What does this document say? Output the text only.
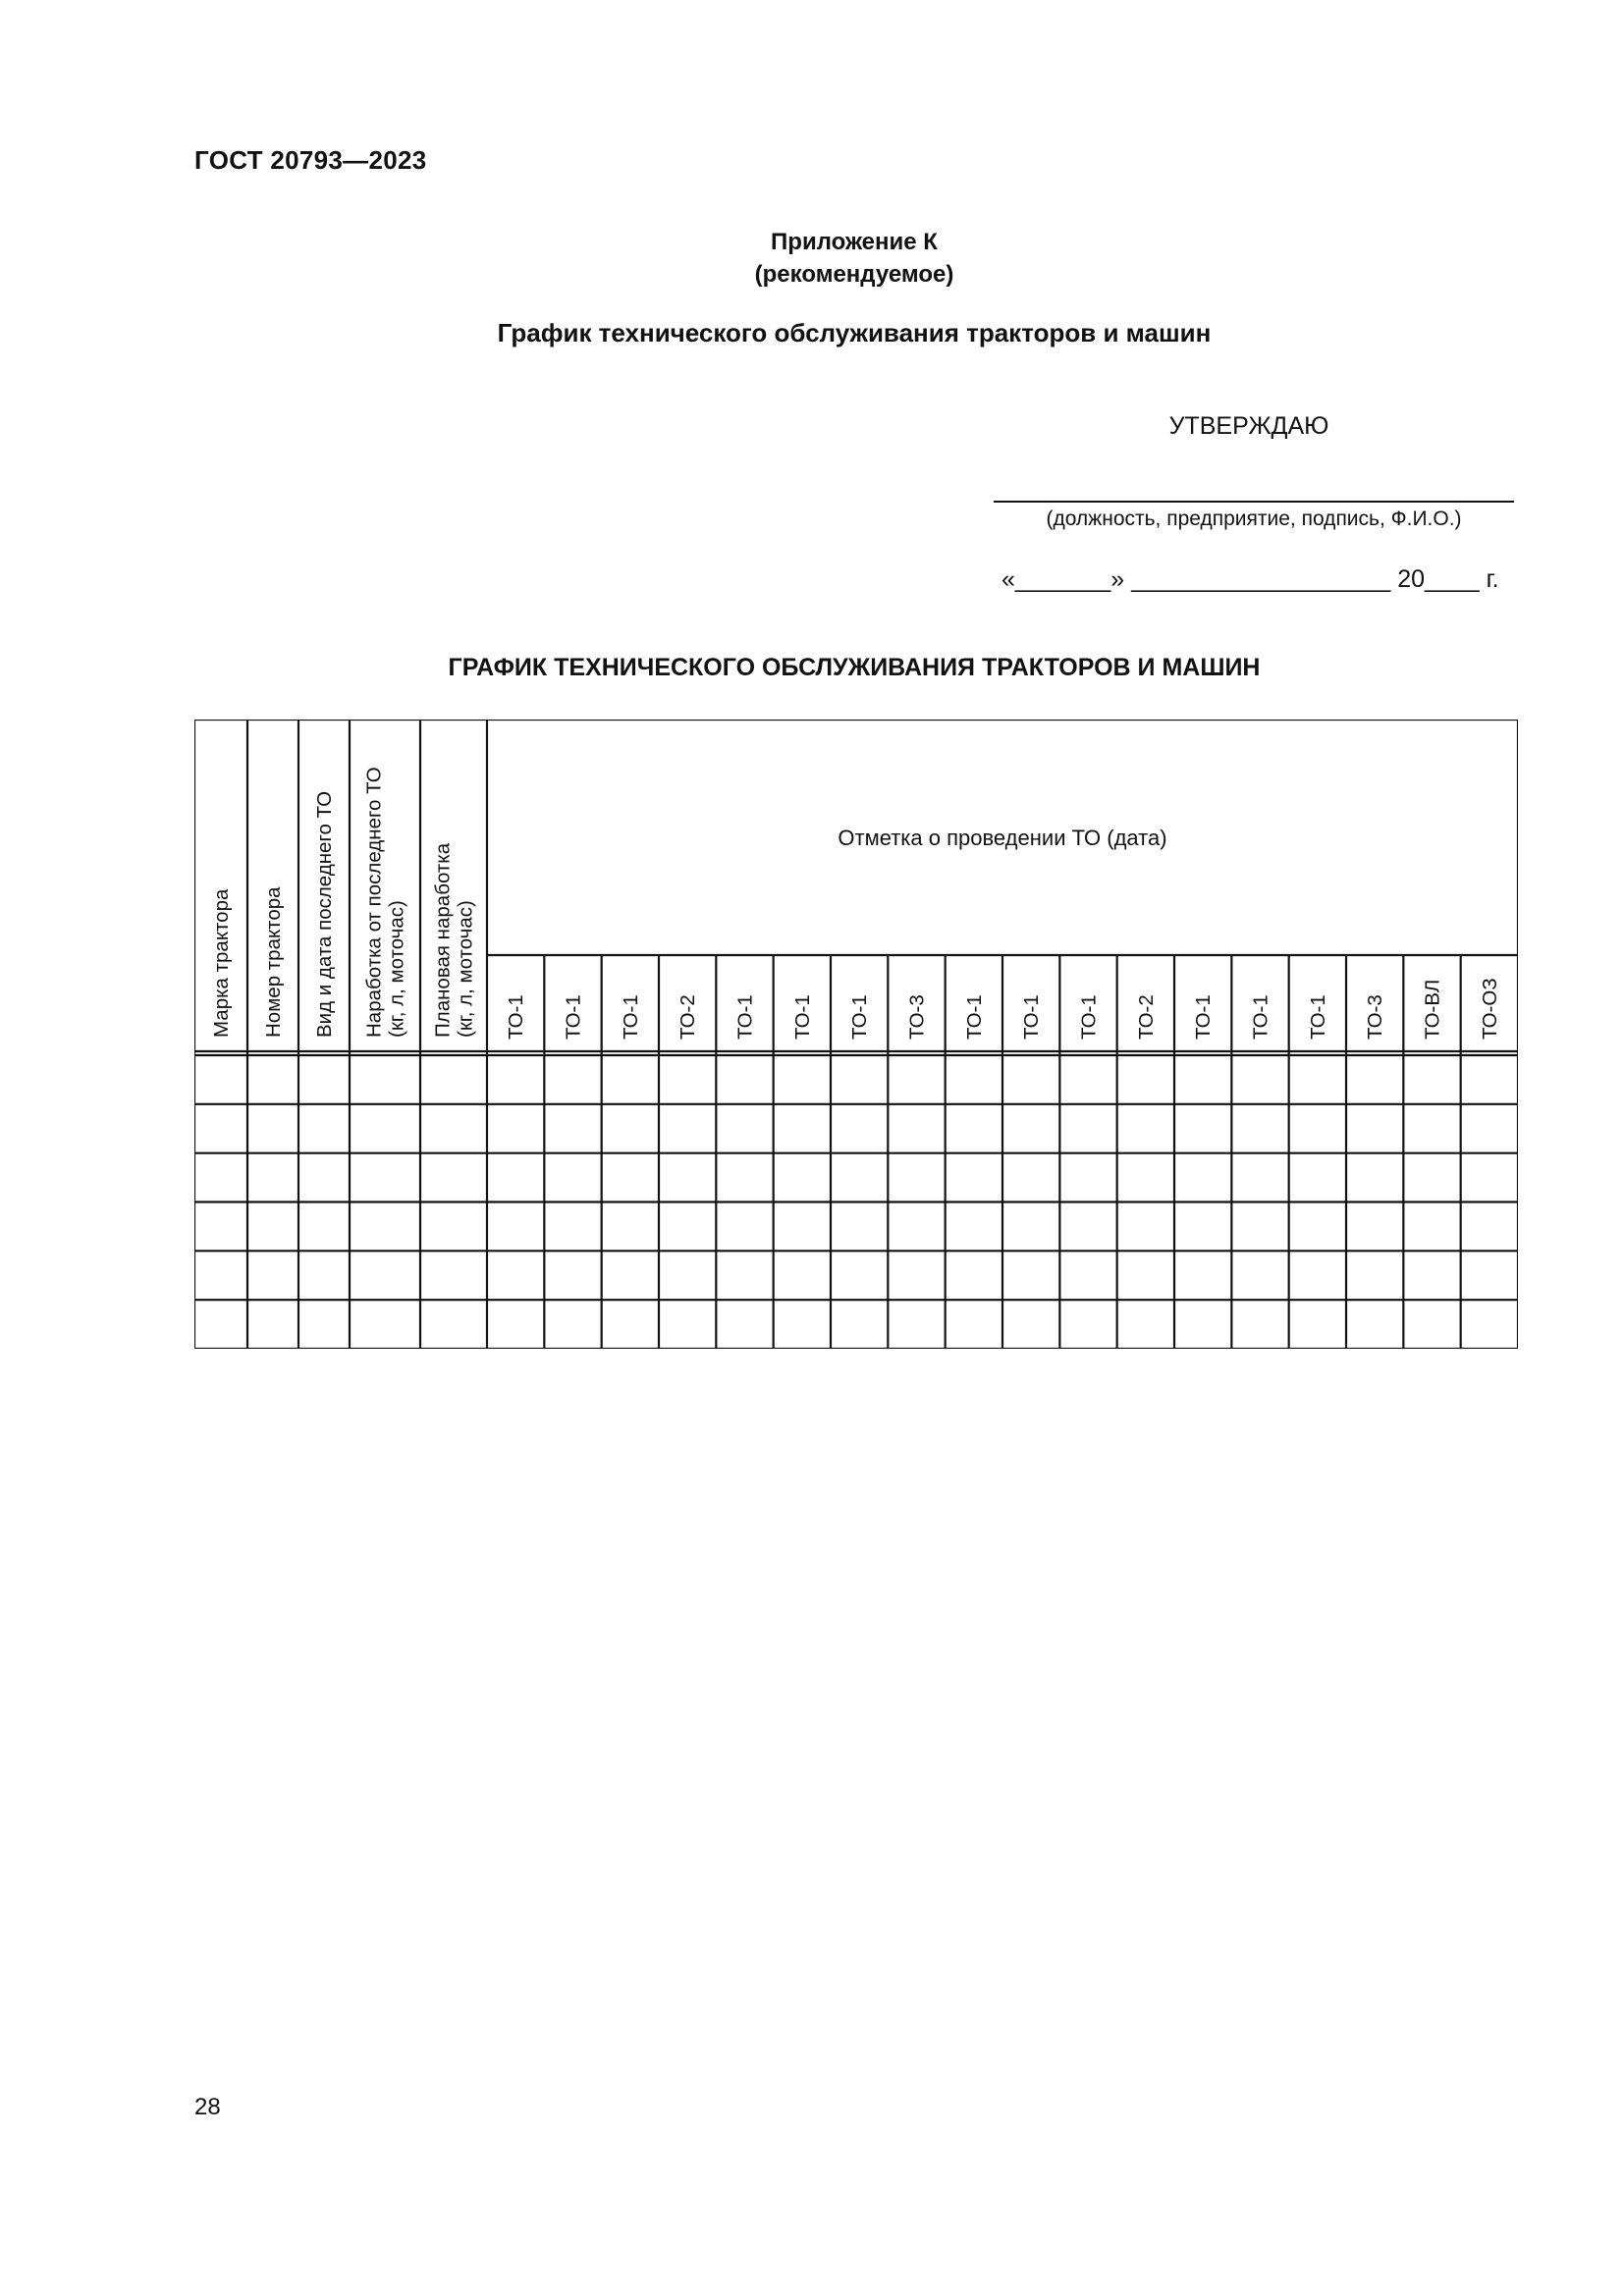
ГОСТ 20793—2023
Приложение К
(рекомендуемое)
График технического обслуживания тракторов и машин
УТВЕРЖДАЮ
(должность, предприятие, подпись, Ф.И.О.)
«_______» ___________________ 20____ г.
ГРАФИК ТЕХНИЧЕСКОГО ОБСЛУЖИВАНИЯ ТРАКТОРОВ И МАШИН
Марка трактора Номер трактора Вид и дата последнего ТО Наработка от последнего ТО (кг, л, моточас) Плановая наработка (кг, л, моточас)
Отметка о проведении ТО (дата)
ТО-1 ТО-1 ТО-1 ТО-2 ТО-1 ТО-1 ТО-1 ТО-3 ТО-1 ТО-1 ТО-1 ТО-2 ТО-1 ТО-1 ТО-1 ТО-3 ТО-ВЛ ТО-ОЗ
28
